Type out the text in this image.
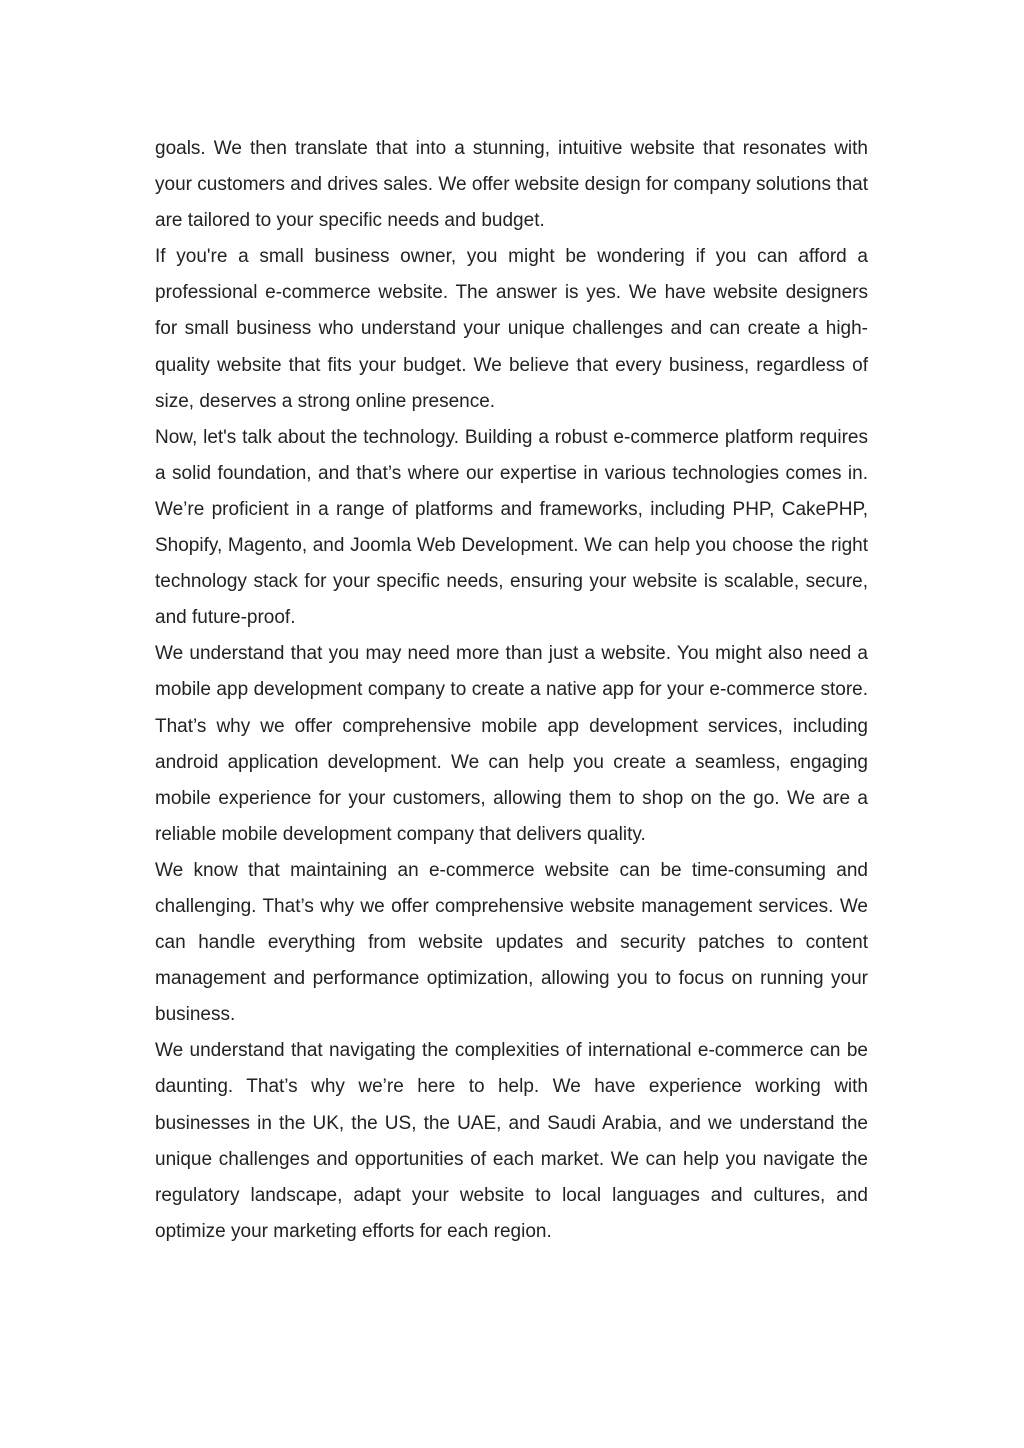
goals. We then translate that into a stunning, intuitive website that resonates with your customers and drives sales. We offer website design for company solutions that are tailored to your specific needs and budget.

If you're a small business owner, you might be wondering if you can afford a professional e-commerce website. The answer is yes. We have website designers for small business who understand your unique challenges and can create a high-quality website that fits your budget. We believe that every business, regardless of size, deserves a strong online presence.

Now, let's talk about the technology. Building a robust e-commerce platform requires a solid foundation, and that’s where our expertise in various technologies comes in. We’re proficient in a range of platforms and frameworks, including PHP, CakePHP, Shopify, Magento, and Joomla Web Development. We can help you choose the right technology stack for your specific needs, ensuring your website is scalable, secure, and future-proof.

We understand that you may need more than just a website. You might also need a mobile app development company to create a native app for your e-commerce store. That’s why we offer comprehensive mobile app development services, including android application development. We can help you create a seamless, engaging mobile experience for your customers, allowing them to shop on the go. We are a reliable mobile development company that delivers quality.

We know that maintaining an e-commerce website can be time-consuming and challenging. That’s why we offer comprehensive website management services. We can handle everything from website updates and security patches to content management and performance optimization, allowing you to focus on running your business.

We understand that navigating the complexities of international e-commerce can be daunting. That’s why we’re here to help. We have experience working with businesses in the UK, the US, the UAE, and Saudi Arabia, and we understand the unique challenges and opportunities of each market. We can help you navigate the regulatory landscape, adapt your website to local languages and cultures, and optimize your marketing efforts for each region.
